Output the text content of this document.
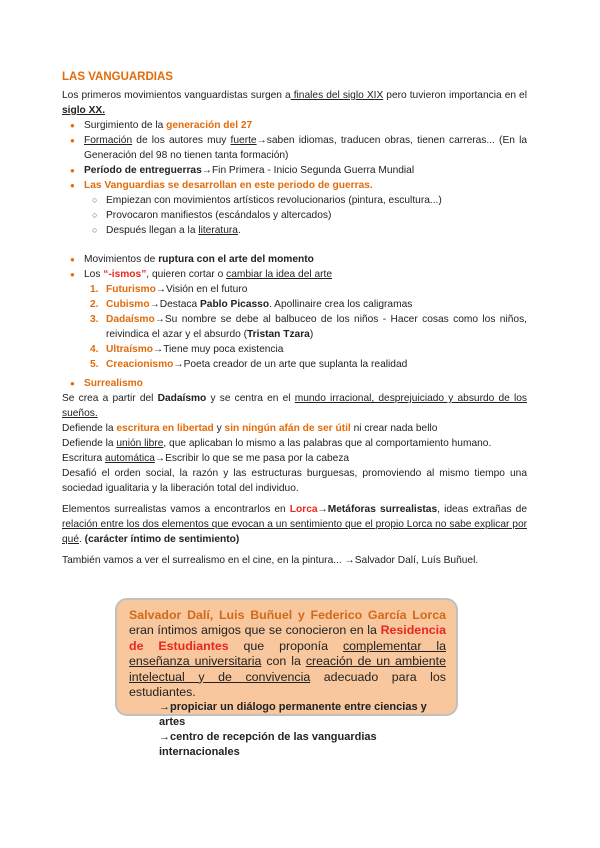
LAS VANGUARDIAS

Los primeros movimientos vanguardistas surgen a finales del siglo XIX pero tuvieron importancia en el siglo XX.

● Surgimiento de la generación del 27

● Formación de los autores muy fuerte→saben idiomas, traducen obras, tienen carreras... (En la Generación del 98 no tienen tanta formación)

● Período de entreguerras→Fin Primera - Inicio Segunda Guerra Mundial
● Las Vanguardias se desarrollan en este periodo de guerras.
○ Empiezan con movimientos artísticos revolucionarios (pintura, escultura...)
○ Provocaron manifiestos (escándalos y altercados)
○ Después llegan a la literatura.
● Movimientos de ruptura con el arte del momento
● Los “-ismos”, quieren cortar o cambiar la idea del arte
1. Futurismo→Visión en el futuro
2. Cubismo→Destaca Pablo Picasso. Apollinaire crea los caligramas

3. Dadaísmo→Su nombre se debe al balbuceo de los niños - Hacer cosas como los niños, reivindica el azar y el absurdo (Tristan Tzara)

4. Ultraísmo→Tiene muy poca existencia
5. Creacionismo→Poeta creador de un arte que suplanta la realidad
● Surrealismo

Se crea a partir del Dadaísmo y se centra en el mundo irracional, desprejuiciado y absurdo de los sueños.

Defiende la escritura en libertad y sin ningún afán de ser útil ni crear nada bello

Defiende la unión libre, que aplicaban lo mismo a las palabras que al comportamiento humano.

Escritura automática→Escribir lo que se me pasa por la cabeza

Desafió el orden social, la razón y las estructuras burguesas, promoviendo al mismo tiempo una sociedad igualitaria y la liberación total del individuo.

Elementos surrealistas vamos a encontrarlos en Lorca→Metáforas surrealistas, ideas extrañas de relación entre los dos elementos que evocan a un sentimiento que el propio Lorca no sabe explicar por qué. (carácter íntimo de sentimiento)

También vamos a ver el surrealismo en el cine, en la pintura... →Salvador Dalí, Luís Buñuel.

Salvador Dalí, Luis Buñuel y Federico García Lorca eran íntimos amigos que se conocieron en la Residencia de Estudiantes que proponía complementar la enseñanza universitaria con la creación de un ambiente intelectual y de convivencia adecuado para los estudiantes.

→propiciar un diálogo permanente entre ciencias y artes
→centro de recepción de las vanguardias internacionales
